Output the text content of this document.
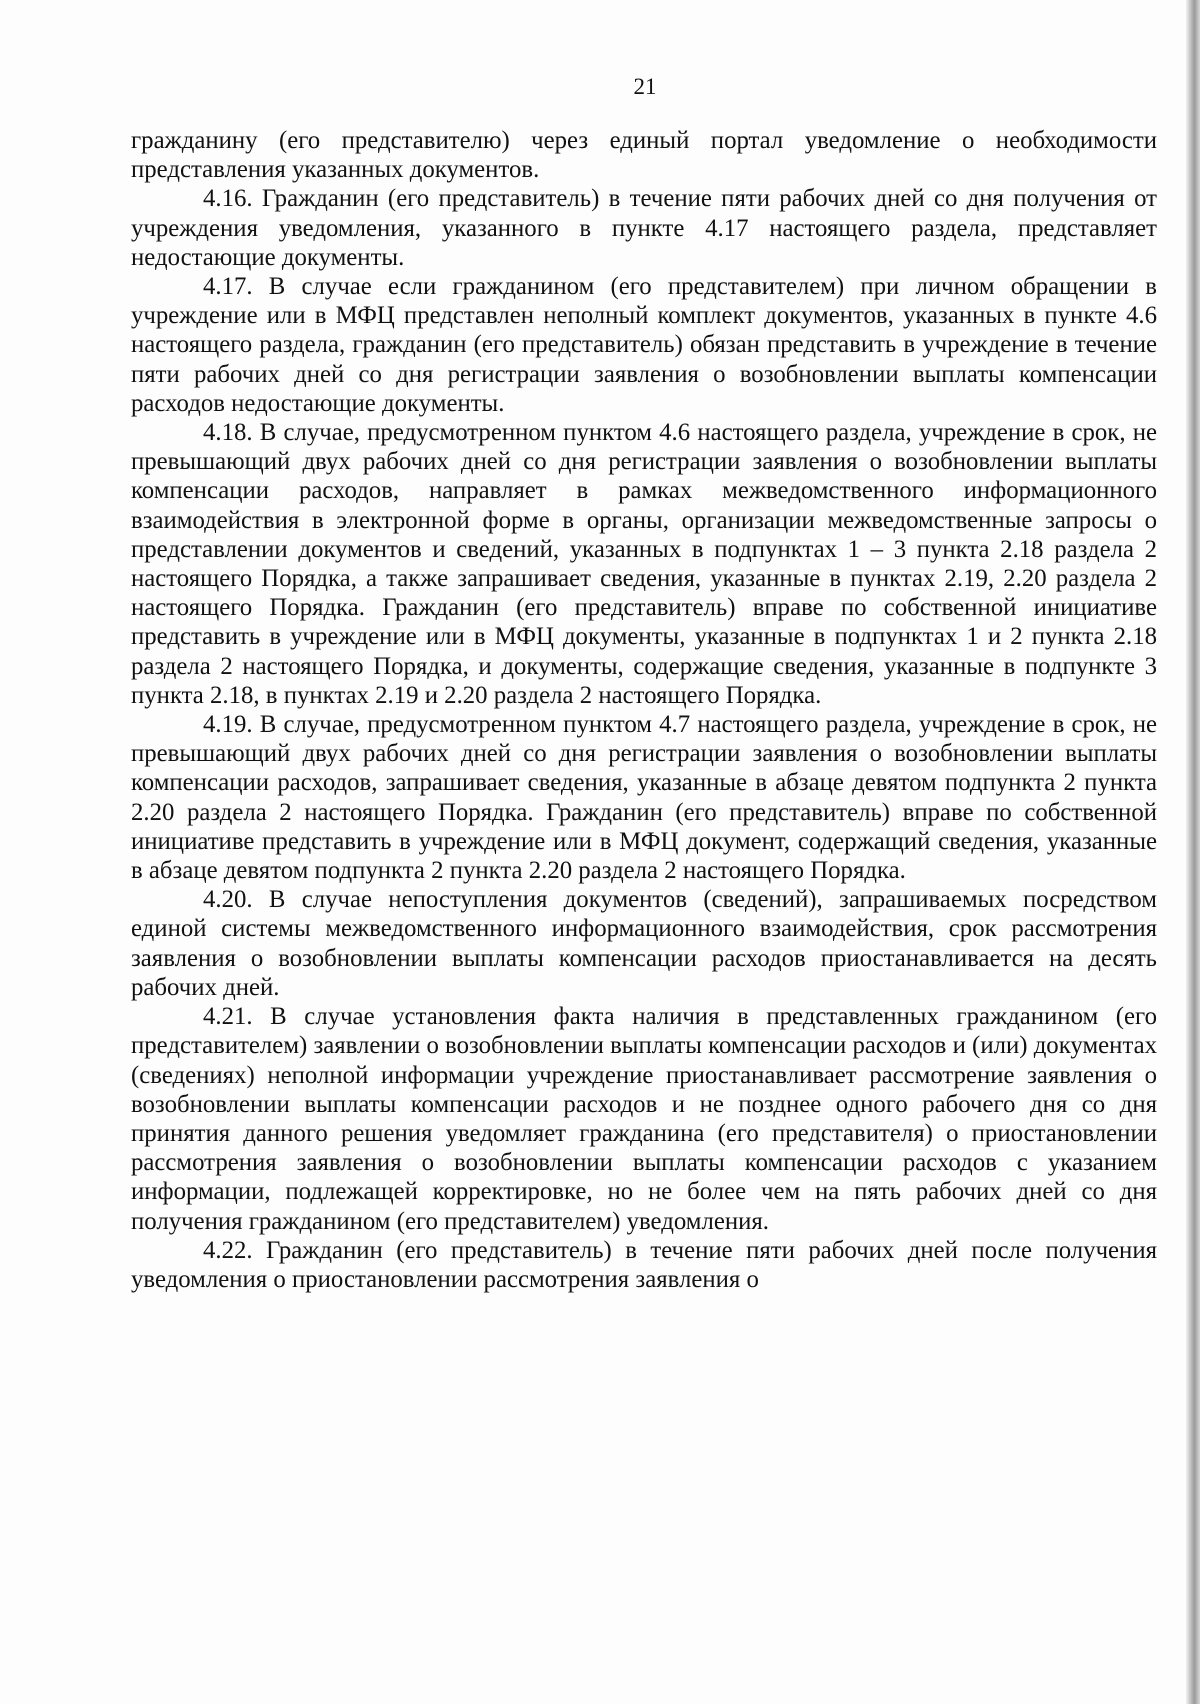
21

гражданину (его представителю) через единый портал уведомление о необходимости представления указанных документов.

4.16. Гражданин (его представитель) в течение пяти рабочих дней со дня получения от учреждения уведомления, указанного в пункте 4.17 настоящего раздела, представляет недостающие документы.

4.17. В случае если гражданином (его представителем) при личном обращении в учреждение или в МФЦ представлен неполный комплект документов, указанных в пункте 4.6 настоящего раздела, гражданин (его представитель) обязан представить в учреждение в течение пяти рабочих дней со дня регистрации заявления о возобновлении выплаты компенсации расходов недостающие документы.

4.18. В случае, предусмотренном пунктом 4.6 настоящего раздела, учреждение в срок, не превышающий двух рабочих дней со дня регистрации заявления о возобновлении выплаты компенсации расходов, направляет в рамках межведомственного информационного взаимодействия в электронной форме в органы, организации межведомственные запросы о представлении документов и сведений, указанных в подпунктах 1 – 3 пункта 2.18 раздела 2 настоящего Порядка, а также запрашивает сведения, указанные в пунктах 2.19, 2.20 раздела 2 настоящего Порядка. Гражданин (его представитель) вправе по собственной инициативе представить в учреждение или в МФЦ документы, указанные в подпунктах 1 и 2 пункта 2.18 раздела 2 настоящего Порядка, и документы, содержащие сведения, указанные в подпункте 3 пункта 2.18, в пунктах 2.19 и 2.20 раздела 2 настоящего Порядка.

4.19. В случае, предусмотренном пунктом 4.7 настоящего раздела, учреждение в срок, не превышающий двух рабочих дней со дня регистрации заявления о возобновлении выплаты компенсации расходов, запрашивает сведения, указанные в абзаце девятом подпункта 2 пункта 2.20 раздела 2 настоящего Порядка. Гражданин (его представитель) вправе по собственной инициативе представить в учреждение или в МФЦ документ, содержащий сведения, указанные в абзаце девятом подпункта 2 пункта 2.20 раздела 2 настоящего Порядка.

4.20. В случае непоступления документов (сведений), запрашиваемых посредством единой системы межведомственного информационного взаимодействия, срок рассмотрения заявления о возобновлении выплаты компенсации расходов приостанавливается на десять рабочих дней.

4.21. В случае установления факта наличия в представленных гражданином (его представителем) заявлении о возобновлении выплаты компенсации расходов и (или) документах (сведениях) неполной информации учреждение приостанавливает рассмотрение заявления о возобновлении выплаты компенсации расходов и не позднее одного рабочего дня со дня принятия данного решения уведомляет гражданина (его представителя) о приостановлении рассмотрения заявления о возобновлении выплаты компенсации расходов с указанием информации, подлежащей корректировке, но не более чем на пять рабочих дней со дня получения гражданином (его представителем) уведомления.

4.22. Гражданин (его представитель) в течение пяти рабочих дней после получения уведомления о приостановлении рассмотрения заявления о
